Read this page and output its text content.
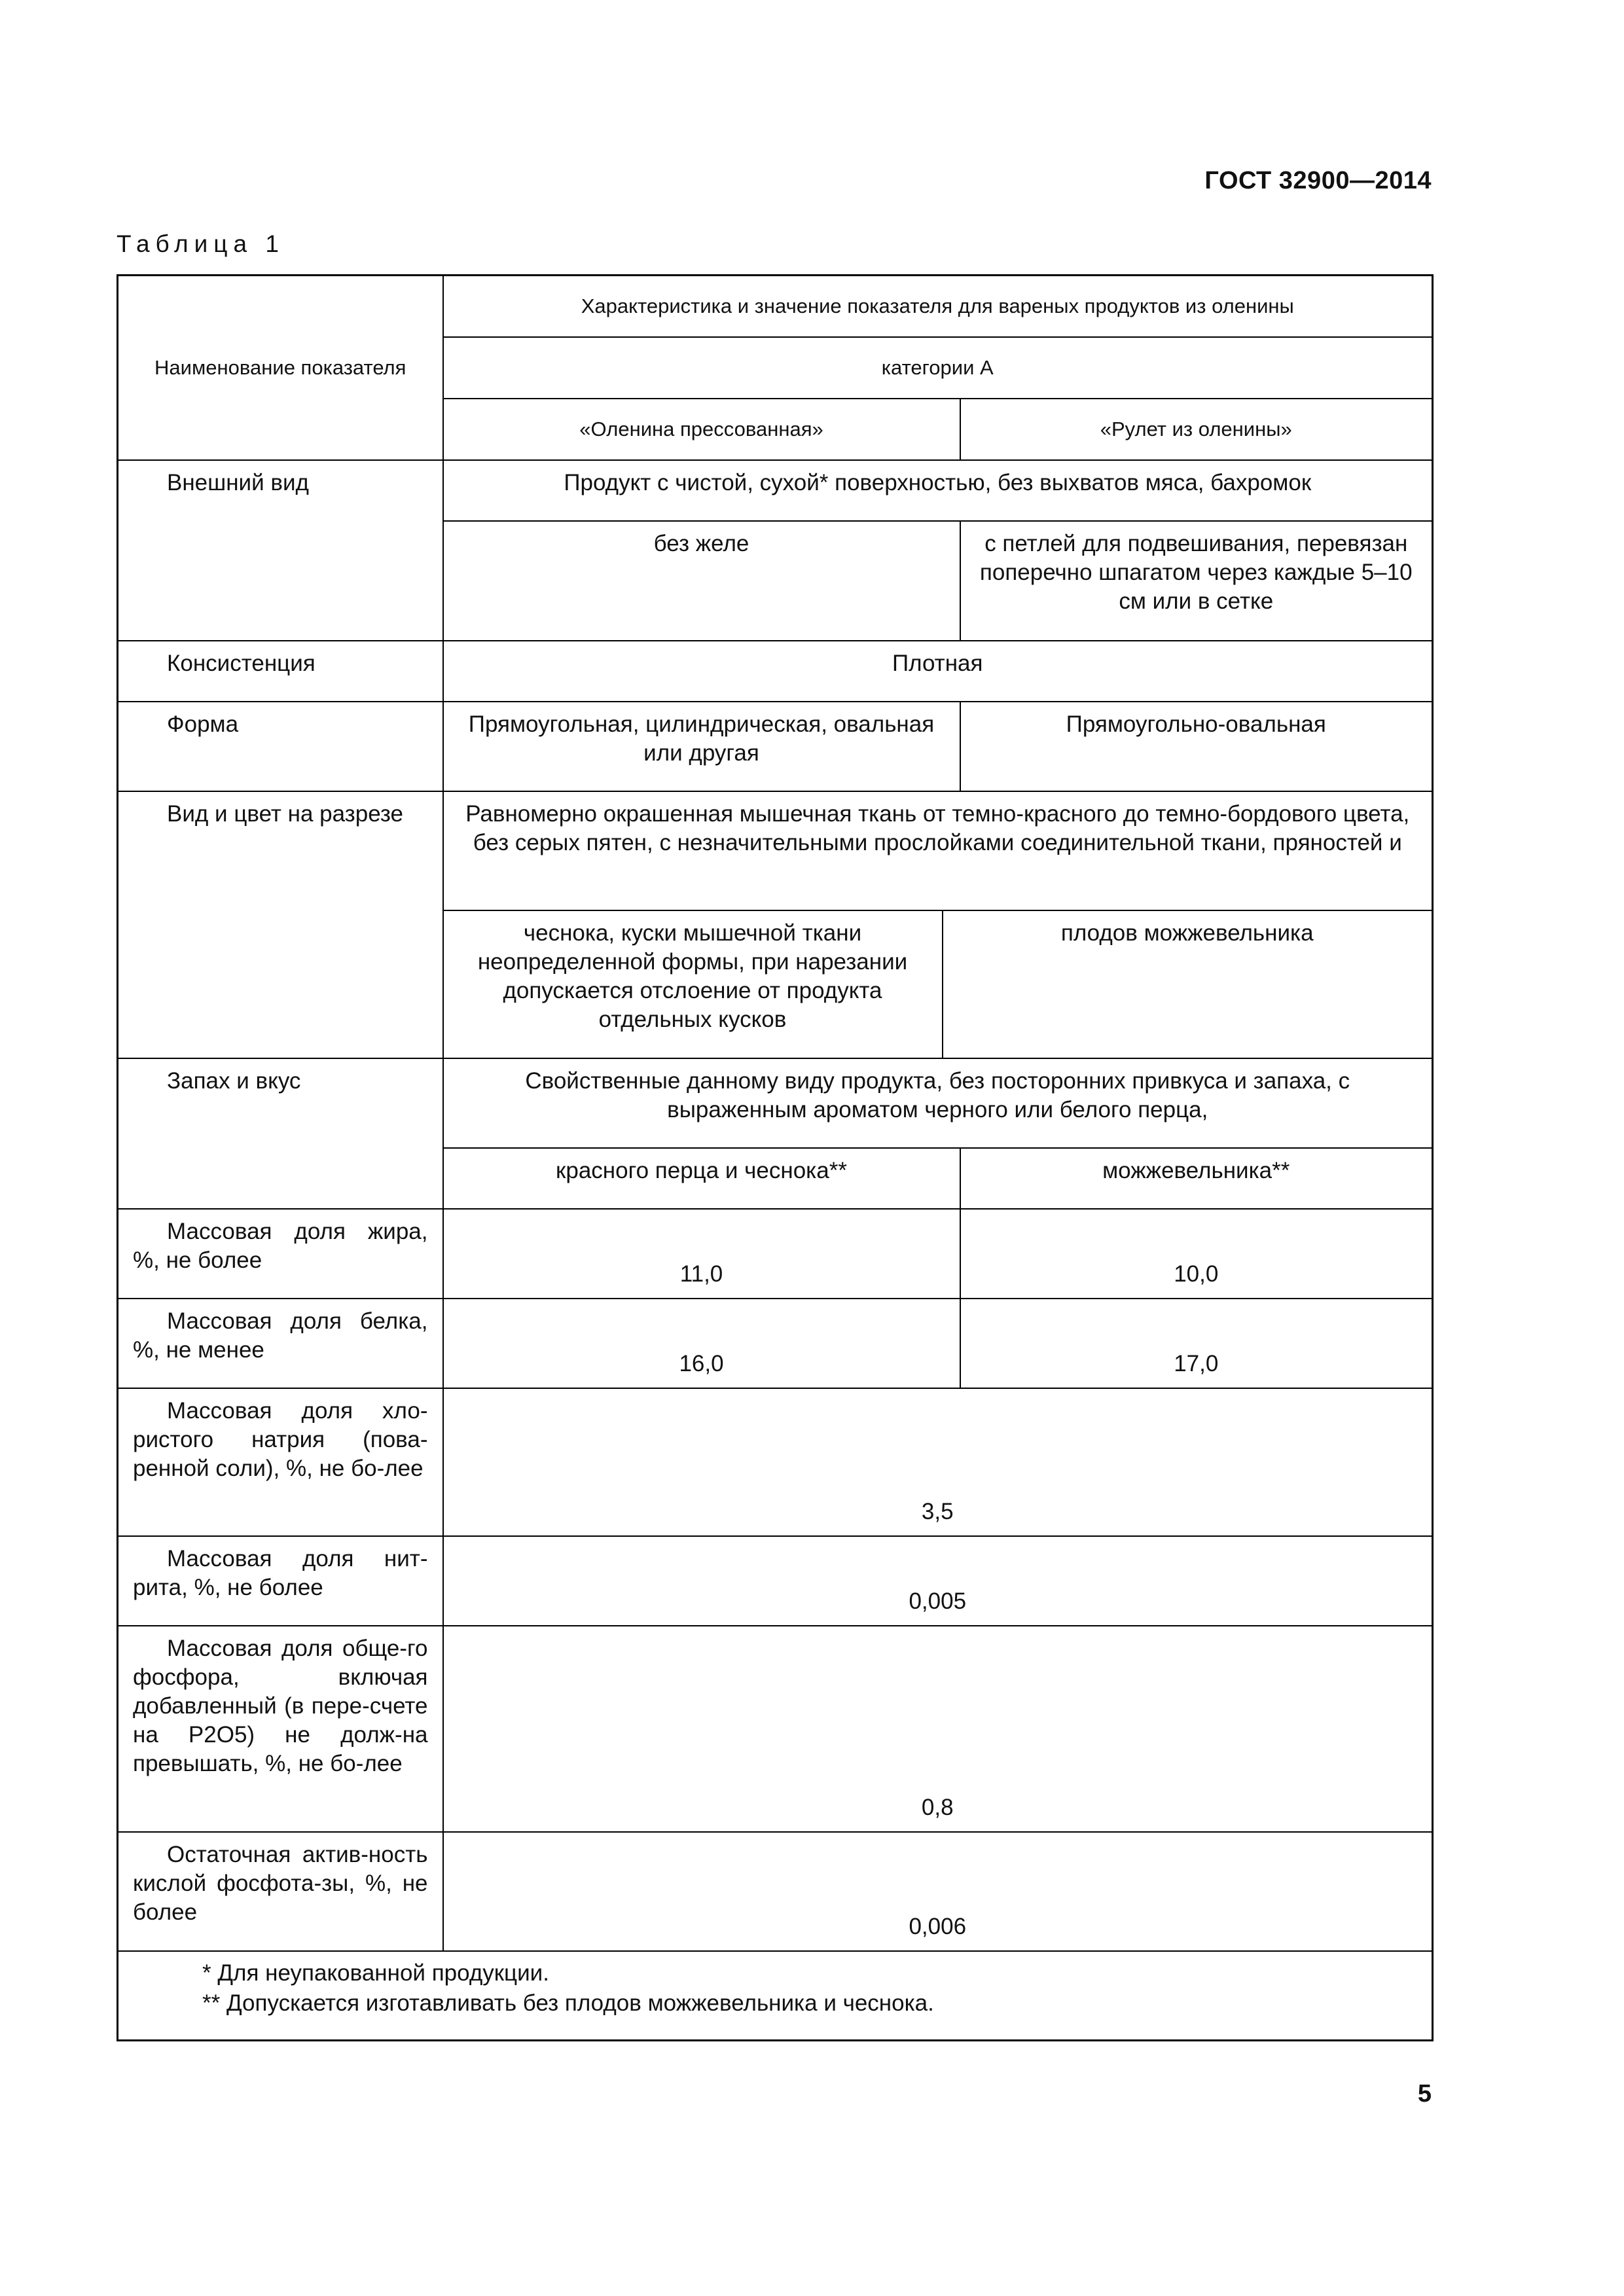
ГОСТ 32900—2014
Таблица 1
Наименование показателя	Характеристика и значение показателя для вареных продуктов из оленины		
	категории А		
	«Оленина прессованная»		«Рулет из оленины»
Внешний вид	Продукт с чистой, сухой* поверхностью, без выхватов мяса, бахромок		
	без желе		с петлей для подвешивания, перевязан поперечно шпагатом через каждые 5–10 см или в сетке
Консистенция	Плотная		
Форма	Прямоугольная, цилиндрическая, овальная или другая		Прямоугольно-овальная
Вид и цвет на разрезе	Равномерно окрашенная мышечная ткань от темно-красного до темно-бордового цвета, без серых пятен, с незначительными прослойками соединительной ткани, пряностей и		
	чеснока, куски мышечной ткани неопределенной формы, при нарезании допускается отслоение от продукта отдельных кусков	плодов можжевельника	
Запах и вкус	Свойственные данному виду продукта, без посторонних привкуса и запаха, с выраженным ароматом черного или белого перца,		
	красного перца и чеснока**		можжевельника**
Массовая доля жира, %, не более	11,0		10,0
Массовая доля белка, %, не менее	16,0		17,0
Массовая доля хло-ристого натрия (пова-ренной соли), %, не бо-лее	3,5		
Массовая доля нит-рита, %, не более	0,005		
Массовая доля обще-го фосфора, включая добавленный (в пере-счете на P2O5) не долж-на превышать, %, не бо-лее	0,8		
Остаточная актив-ность кислой фосфота-зы, %, не более	0,006		

* Для неупакованной продукции.
** Допускается изготавливать без плодов можжевельника и чеснока.			
5
